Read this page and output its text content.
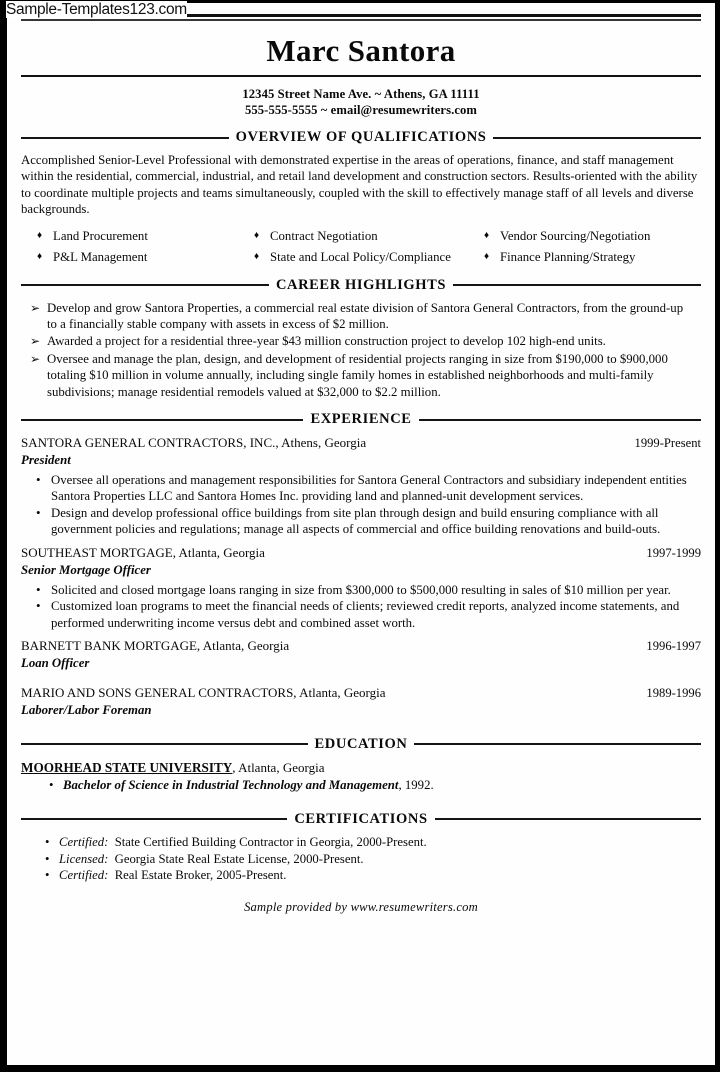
Sample-Templates123.com
Marc Santora
12345 Street Name Ave. ~ Athens, GA 11111
555-555-5555 ~ email@resumewriters.com
OVERVIEW OF QUALIFICATIONS
Accomplished Senior-Level Professional with demonstrated expertise in the areas of operations, finance, and staff management within the residential, commercial, industrial, and retail land development and construction sectors. Results-oriented with the ability to coordinate multiple projects and teams simultaneously, coupled with the skill to effectively manage staff of all levels and diverse backgrounds.
♦ Land Procurement	♦ Contract Negotiation	♦ Vendor Sourcing/Negotiation
♦ P&L Management	♦ State and Local Policy/Compliance	♦ Finance Planning/Strategy
CAREER HIGHLIGHTS
➢ Develop and grow Santora Properties, a commercial real estate division of Santora General Contractors, from the ground-up to a financially stable company with assets in excess of $2 million.
➢ Awarded a project for a residential three-year $43 million construction project to develop 102 high-end units.
➢ Oversee and manage the plan, design, and development of residential projects ranging in size from $190,000 to $900,000 totaling $10 million in volume annually, including single family homes in established neighborhoods and multi-family subdivisions; manage residential remodels valued at $32,000 to $2.2 million.
EXPERIENCE
SANTORA GENERAL CONTRACTORS, INC., Athens, Georgia	1999-Present
President
• Oversee all operations and management responsibilities for Santora General Contractors and subsidiary independent entities Santora Properties LLC and Santora Homes Inc. providing land and planned-unit development services.
• Design and develop professional office buildings from site plan through design and build ensuring compliance with all government policies and regulations; manage all aspects of commercial and office building renovations and build-outs.
SOUTHEAST MORTGAGE, Atlanta, Georgia	1997-1999
Senior Mortgage Officer
• Solicited and closed mortgage loans ranging in size from $300,000 to $500,000 resulting in sales of $10 million per year.
• Customized loan programs to meet the financial needs of clients; reviewed credit reports, analyzed income statements, and performed underwriting income versus debt and combined asset worth.
BARNETT BANK MORTGAGE, Atlanta, Georgia	1996-1997
Loan Officer
MARIO AND SONS GENERAL CONTRACTORS, Atlanta, Georgia	1989-1996
Laborer/Labor Foreman
EDUCATION
MOORHEAD STATE UNIVERSITY, Atlanta, Georgia
• Bachelor of Science in Industrial Technology and Management, 1992.
CERTIFICATIONS
• Certified: State Certified Building Contractor in Georgia, 2000-Present.
• Licensed: Georgia State Real Estate License, 2000-Present.
• Certified: Real Estate Broker, 2005-Present.
Sample provided by www.resumewriters.com
